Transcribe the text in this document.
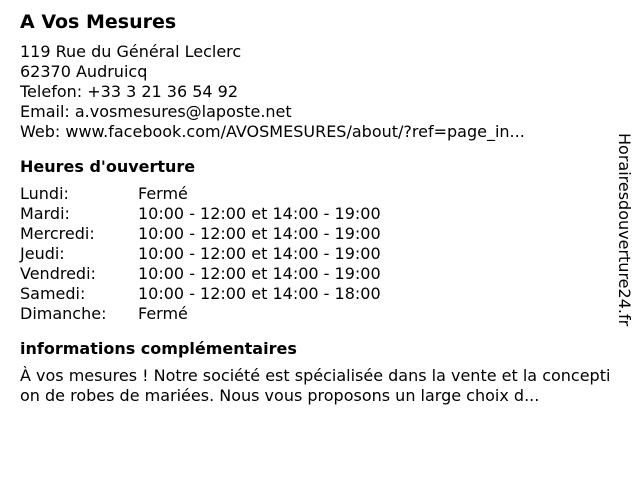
A Vos Mesures
119 Rue du Général Leclerc
62370 Audruicq
Telefon: +33 3 21 36 54 92
Email: a.vosmesures@laposte.net
Web: www.facebook.com/AVOSMESURES/about/?ref=page_in...
Heures d'ouverture
Lundi:	Fermé
Mardi:	10:00 - 12:00 et 14:00 - 19:00
Mercredi:	10:00 - 12:00 et 14:00 - 19:00
Jeudi:	10:00 - 12:00 et 14:00 - 19:00
Vendredi:	10:00 - 12:00 et 14:00 - 19:00
Samedi:	10:00 - 12:00 et 14:00 - 18:00
Dimanche:	Fermé
informations complémentaires
À vos mesures ! Notre société est spécialisée dans la vente et la conception de robes de mariées. Nous vous proposons un large choix d...
Horairesdouverture24.fr
